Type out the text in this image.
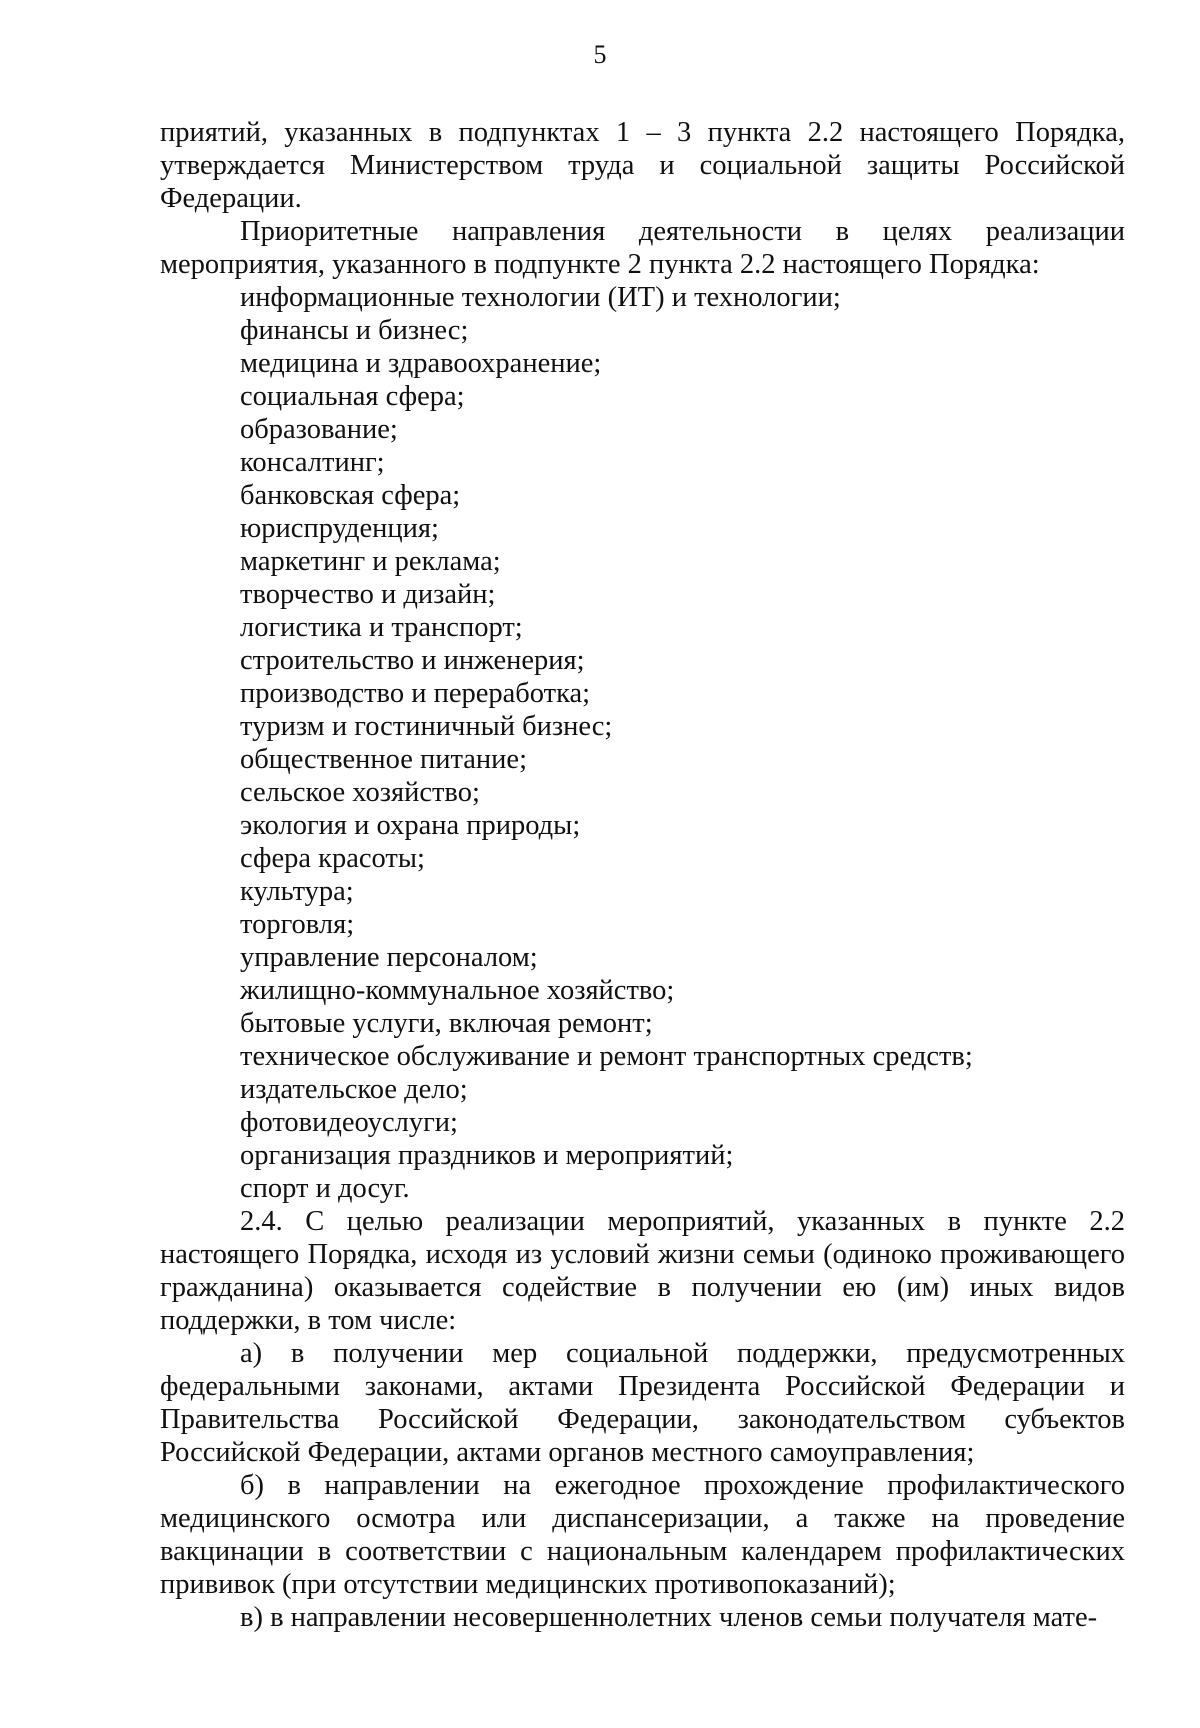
5

приятий, указанных в подпунктах 1 – 3 пункта 2.2 настоящего Порядка, утверждается Министерством труда и социальной защиты Российской Федерации.

Приоритетные направления деятельности в целях реализации мероприятия, указанного в подпункте 2 пункта 2.2 настоящего Порядка:

информационные технологии (ИТ) и технологии;
финансы и бизнес;
медицина и здравоохранение;
социальная сфера;
образование;
консалтинг;
банковская сфера;
юриспруденция;
маркетинг и реклама;
творчество и дизайн;
логистика и транспорт;
строительство и инженерия;
производство и переработка;
туризм и гостиничный бизнес;
общественное питание;
сельское хозяйство;
экология и охрана природы;
сфера красоты;
культура;
торговля;
управление персоналом;
жилищно-коммунальное хозяйство;
бытовые услуги, включая ремонт;
техническое обслуживание и ремонт транспортных средств;
издательское дело;
фотовидеоуслуги;
организация праздников и мероприятий;
спорт и досуг.

2.4. С целью реализации мероприятий, указанных в пункте 2.2 настоящего Порядка, исходя из условий жизни семьи (одиноко проживающего гражданина) оказывается содействие в получении ею (им) иных видов поддержки, в том числе:

а) в получении мер социальной поддержки, предусмотренных федеральными законами, актами Президента Российской Федерации и Правительства Российской Федерации, законодательством субъектов Российской Федерации, актами органов местного самоуправления;

б) в направлении на ежегодное прохождение профилактического медицинского осмотра или диспансеризации, а также на проведение вакцинации в соответствии с национальным календарем профилактических прививок (при отсутствии медицинских противопоказаний);

в) в направлении несовершеннолетних членов семьи получателя мате-
